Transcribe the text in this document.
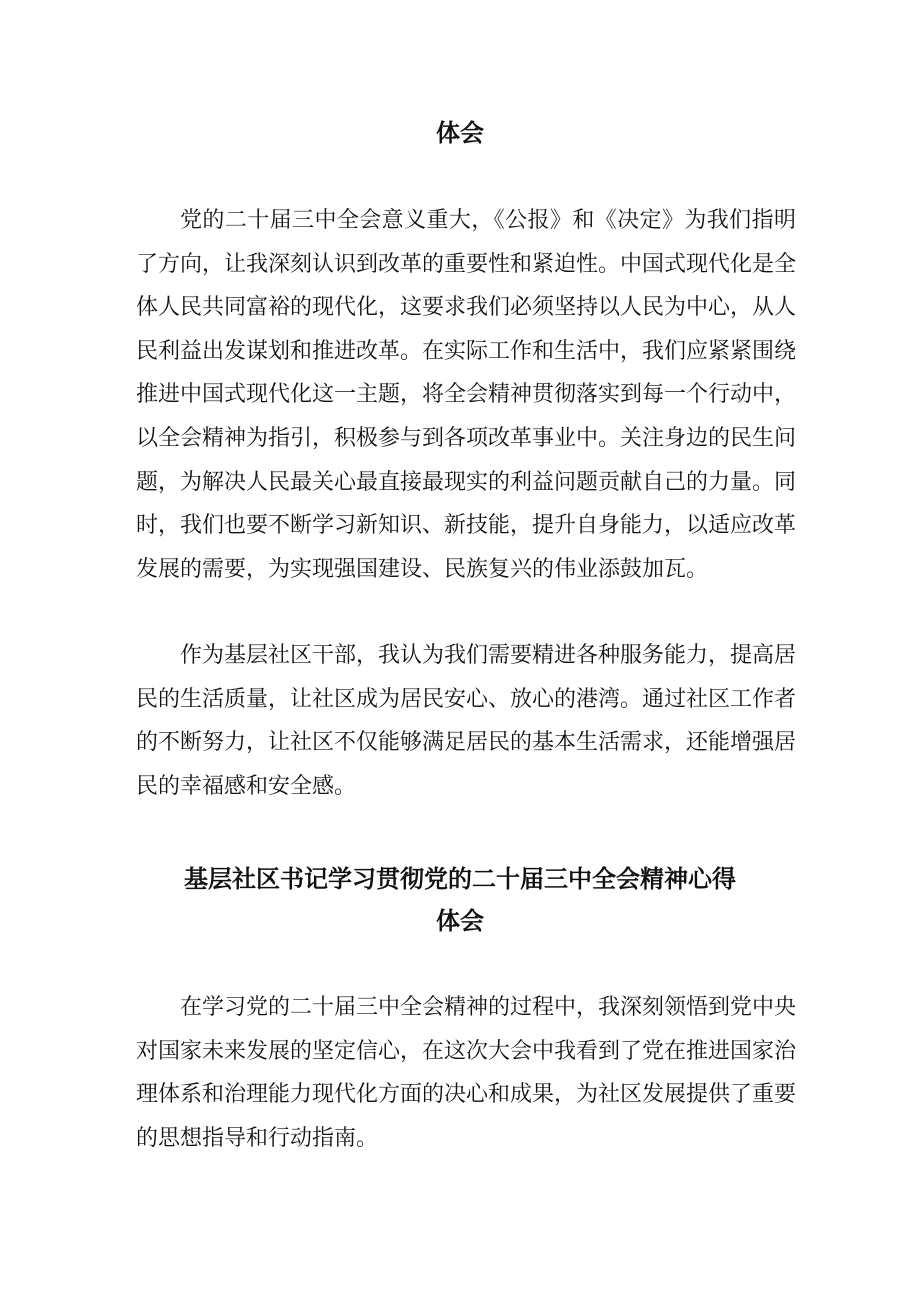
体会

党的二十届三中全会意义重大，《公报》和《决定》为我们指明了方向，让我深刻认识到改革的重要性和紧迫性。中国式现代化是全体人民共同富裕的现代化，这要求我们必须坚持以人民为中心，从人民利益出发谋划和推进改革。在实际工作和生活中，我们应紧紧围绕推进中国式现代化这一主题，将全会精神贯彻落实到每一个行动中，以全会精神为指引，积极参与到各项改革事业中。关注身边的民生问题，为解决人民最关心最直接最现实的利益问题贡献自己的力量。同时，我们也要不断学习新知识、新技能，提升自身能力，以适应改革发展的需要，为实现强国建设、民族复兴的伟业添鼓加瓦。

作为基层社区干部，我认为我们需要精进各种服务能力，提高居民的生活质量，让社区成为居民安心、放心的港湾。通过社区工作者的不断努力，让社区不仅能够满足居民的基本生活需求，还能增强居民的幸福感和安全感。

基层社区书记学习贯彻党的二十届三中全会精神心得
体会

在学习党的二十届三中全会精神的过程中，我深刻领悟到党中央对国家未来发展的坚定信心，在这次大会中我看到了党在推进国家治理体系和治理能力现代化方面的决心和成果，为社区发展提供了重要的思想指导和行动指南。
